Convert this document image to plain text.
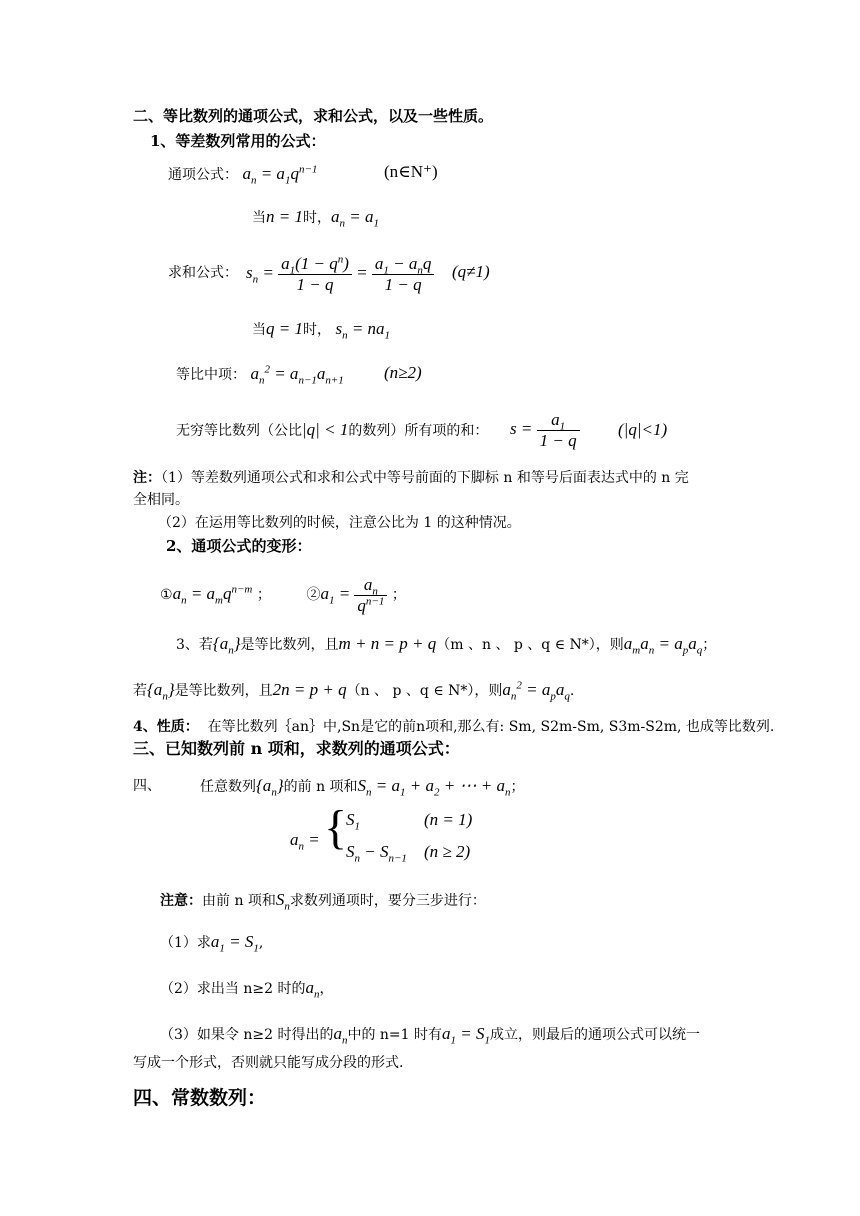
二、等比数列的通项公式，求和公式，以及一些性质。
1、等差数列常用的公式：
通项公式： $a_n = a_1q^{n-1}$	(n∈N⁺)
当n = 1时，$a_n = a_1$
求和公式： $s_n = \frac{a_1(1 - q^n)}{1 - q} = \frac{a_1 - a_nq}{1 - q} (q\ne 1)$
当q = 1时， $s_n = na_1$
等比中项： $a_n^2 = a_{n-1}a_{n+1}$ (n≥2)
无穷等比数列（公比|q| < 1的数列）所有项的和： $s = \frac{a_1}{1 - q} (|q|<1)$
注：（1）等差数列通项公式和求和公式中等号前面的下脚标 n 和等号后面表达式中的 n 完
全相同。
（2）在运用等比数列的时候，注意公比为 1 的这种情况。
2、通项公式的变形：
$①a_n = a_mq^{n-m}$ ；	$②a_1 = \frac{a_n}{q^{n-1}}$ ；
3、若$\{a_n\}$是等比数列，且m + n = p + q（m 、n 、 p 、q ∈ N*），则$a_ma_n = a_pa_q$；
若$\{a_n\}$是等比数列，且2n = p + q（n 、 p 、q ∈ N*），则$a_n^2 = a_pa_q$.
4、性质： 在等比数列｛an｝中,Sn是它的前n项和,那么有: Sm, S2m-Sm, S3m-S2m, 也成等比数列.
三、已知数列前 n 项和，求数列的通项公式：
四、	任意数列$\{a_n\}$的前 n 项和$S_n = a_1 + a_2$ + ⋯ + $a_n$；
$a_n$ = {
$S_1$	(n = 1)
$S_n - S_{n-1}$ (n ≥ 2)
注意：由前 n 项和$S_n$求数列通项时，要分三步进行：
（1）求$a_1 = S_1$,
（2）求出当 n≥2 时的$a_n$，
（3）如果令 n≥2 时得出的$a_n$中的 n=1 时有$a_1 = S_1$成立，则最后的通项公式可以统一
写成一个形式，否则就只能写成分段的形式.
四、常数数列：
